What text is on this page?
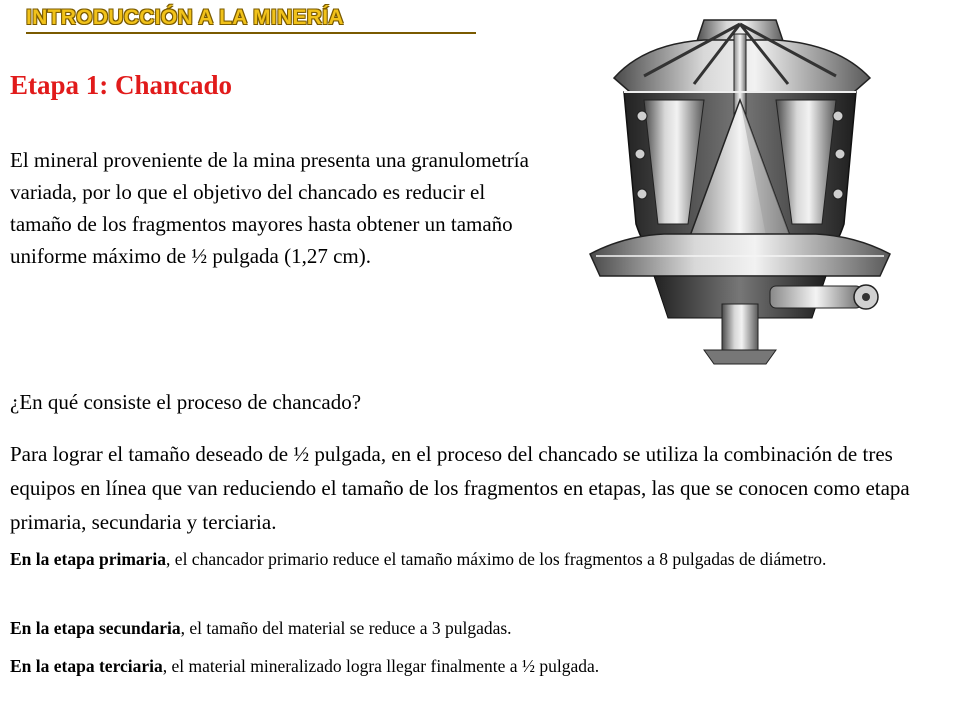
INTRODUCCIÓN A LA MINERÍA
Etapa 1: Chancado
El mineral proveniente de la mina presenta una granulometría variada, por lo que el objetivo del chancado es reducir el tamaño de los fragmentos mayores hasta obtener un tamaño uniforme máximo de ½ pulgada (1,27 cm).
¿En qué consiste el proceso de chancado?
Para lograr el tamaño deseado de ½ pulgada, en el proceso del chancado se utiliza la combinación de tres equipos en línea que van reduciendo el tamaño de los fragmentos en etapas, las que se conocen como etapa primaria, secundaria y terciaria.
En la etapa primaria, el chancador primario reduce el tamaño máximo de los fragmentos a 8 pulgadas de diámetro.
En la etapa secundaria, el tamaño del material se reduce a 3 pulgadas.
En la etapa terciaria, el material mineralizado logra llegar finalmente a ½ pulgada.
